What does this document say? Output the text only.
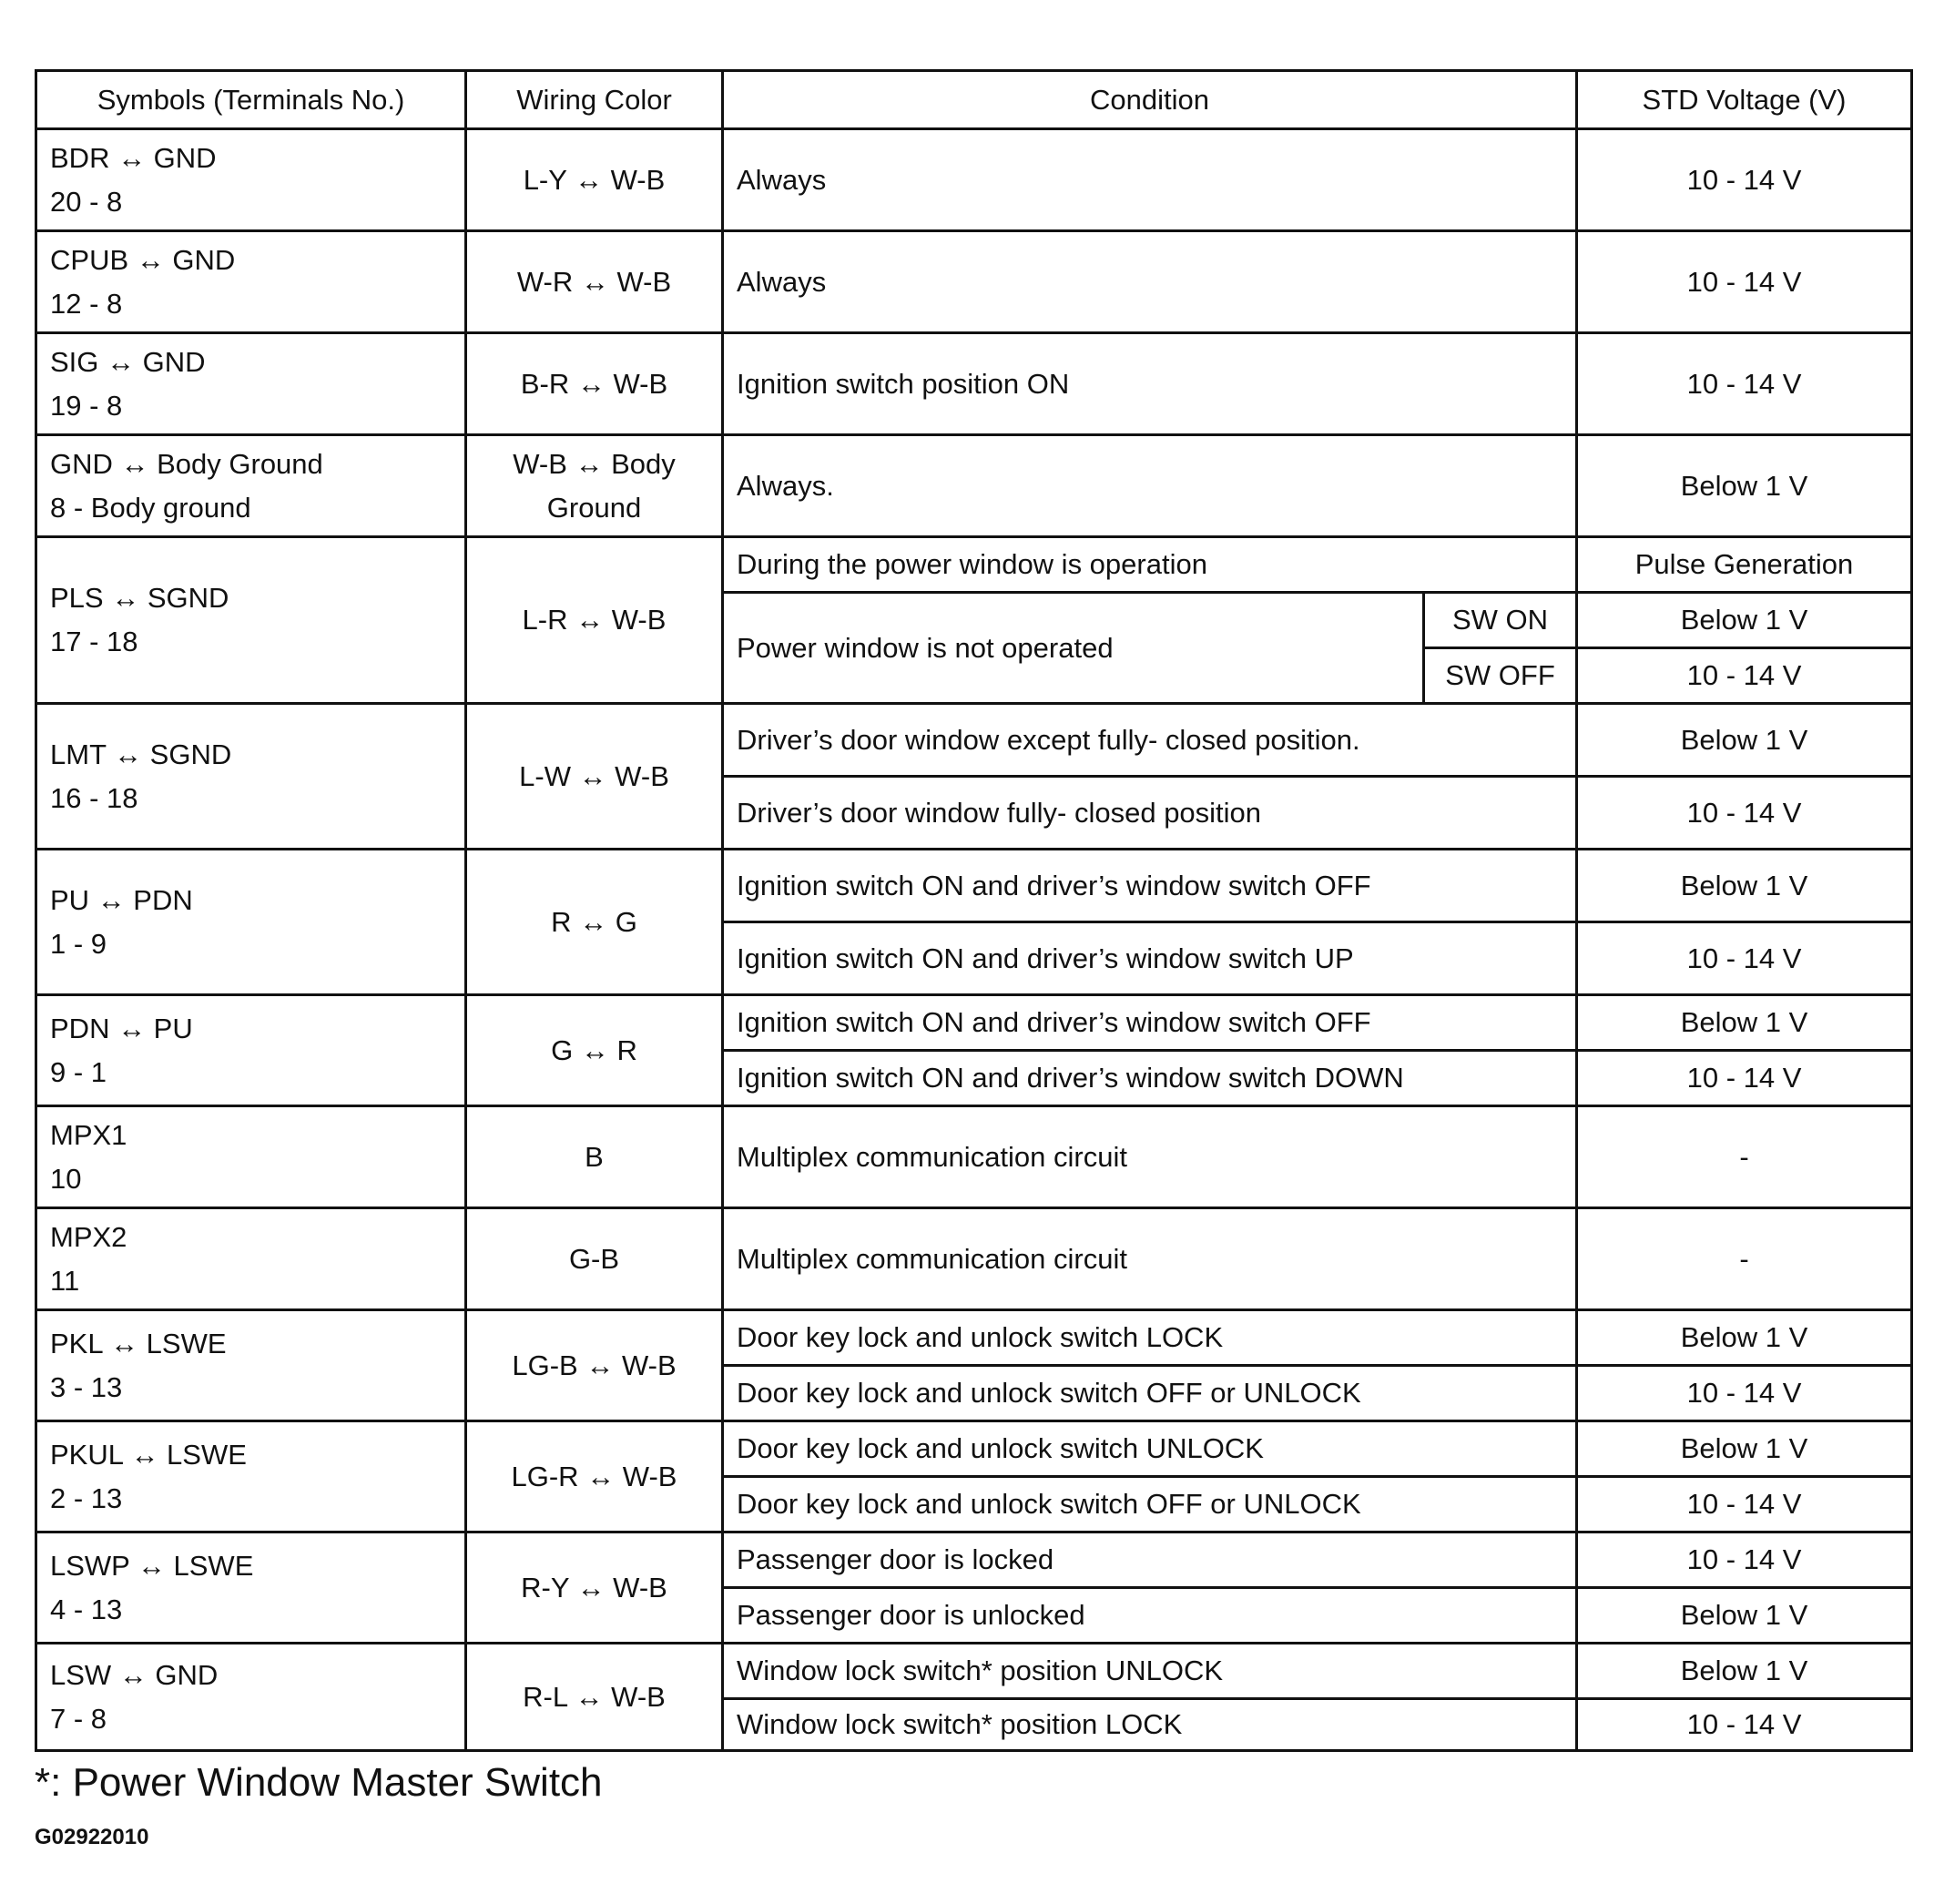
Symbols (Terminals No.)	Wiring Color	Condition		STD Voltage (V)

BDR ↔ GND
20 - 8	L-Y ↔ W-B	Always		10 - 14 V

CPUB ↔ GND
12 - 8	W-R ↔ W-B	Always		10 - 14 V

SIG ↔ GND
19 - 8	B-R ↔ W-B	Ignition switch position ON		10 - 14 V

GND ↔ Body Ground
8 - Body ground	W-B ↔ Body Ground	Always.		Below 1 V

PLS ↔ SGND
17 - 18	L-R ↔ W-B	During the power window is operation		Pulse Generation
		Power window is not operated	SW ON	Below 1 V
			SW OFF	10 - 14 V

LMT ↔ SGND
16 - 18	L-W ↔ W-B	Driver’s door window except fully- closed position.		Below 1 V
		Driver’s door window fully- closed position		10 - 14 V

PU ↔ PDN
1 - 9	R ↔ G	Ignition switch ON and driver’s window switch OFF		Below 1 V
		Ignition switch ON and driver’s window switch UP		10 - 14 V

PDN ↔ PU
9 - 1	G ↔ R	Ignition switch ON and driver’s window switch OFF		Below 1 V
		Ignition switch ON and driver’s window switch DOWN		10 - 14 V

MPX1
10	B	Multiplex communication circuit		-

MPX2
11	G-B	Multiplex communication circuit		-

PKL ↔ LSWE
3 - 13	LG-B ↔ W-B	Door key lock and unlock switch LOCK		Below 1 V
		Door key lock and unlock switch OFF or UNLOCK		10 - 14 V

PKUL ↔ LSWE
2 - 13	LG-R ↔ W-B	Door key lock and unlock switch UNLOCK		Below 1 V
		Door key lock and unlock switch OFF or UNLOCK		10 - 14 V

LSWP ↔ LSWE
4 - 13	R-Y ↔ W-B	Passenger door is locked		10 - 14 V
		Passenger door is unlocked		Below 1 V

LSW ↔ GND
7 - 8	R-L ↔ W-B	Window lock switch* position UNLOCK		Below 1 V
		Window lock switch* position LOCK		10 - 14 V
*: Power Window Master Switch
G02922010
